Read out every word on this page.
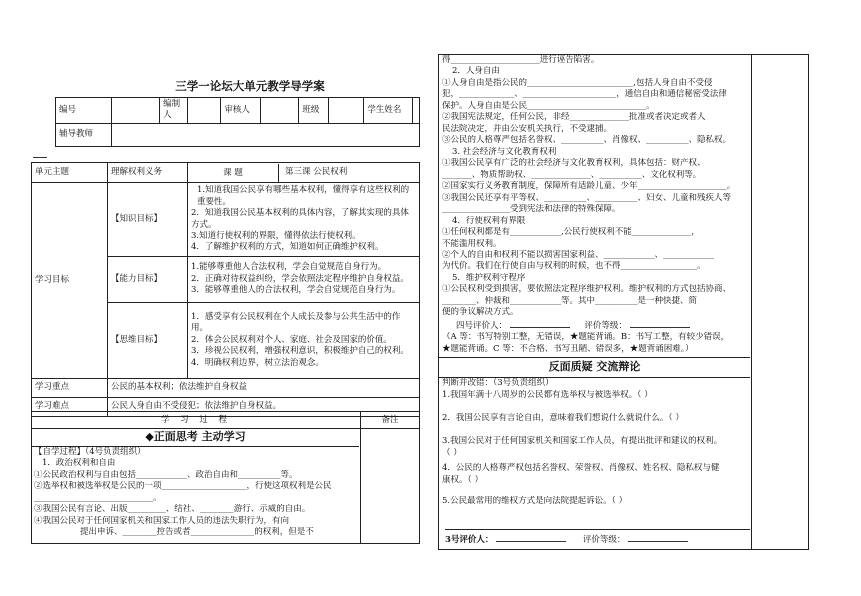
三学一论坛大单元教学导学案
编号		编制人		审核人		班级		学生姓名	
辅导教师									
单元主题	理解权利义务	课 题 第三课 公民权利

学习目标	【知识目标】	1.知道我国公民享有哪些基本权利，懂得享有这些权利的重要性。
2．知道我国公民基本权利的具体内容，了解其实现的具体方式。
3.知道行使权利的界限，懂得依法行使权利。
4．了解维护权利的方式，知道如何正确维护权利。

	【能力目标】	1.能够尊重他人合法权利，学会自觉规范自身行为。
2．正确对待权益纠纷，学会依照法定程序维护自身权益。
3．能够尊重他人的合法权利，学会自觉规范自身行为。

	【思维目标】	1．感受享有公民权利在个人成长及参与公共生活中的作用。
2．体会公民权利对个人、家庭、社会及国家的价值。
3．珍视公民权利，增强权利意识，积极维护自己的权利。
4．明确权利边界，树立法治观念。

学习重点	公民的基本权利；依法维护自身权益	
学习难点	公民人身自由不受侵犯；依法维护自身权益。	
学 习 过 程	备注
◆正面思考 主动学习
【自学过程】（4号负责组织）
1．政治权利和自由
①公民政治权利与自由包括____________、政治自由和__________等。
②选举权和被选举权是公民的一项____________________，行使这项权利是公民
____________________________。
③我国公民有言论、出版_________、结社、________游行、示威的自由。
④我国公民对于任何国家机关和国家工作人员的违法失职行为，有向
提出申诉、________控告或者_______________的权利，但是不
得_____________________进行诬告陷害。
2．人身自由
①人身自由是指公民的_________________________,包括人身自由不受侵
犯，_____________、______________________，通信自由和通信秘密受法律
保护。人身自由是公民____________________________。
②我国宪法规定，任何公民，非经______________批准或者决定或者人
民法院决定，并由公安机关执行，不受逮捕。
③公民的人格尊严包括名誉权、__________、肖像权、__________、隐私权。
3. 社会经济与文化教育权利
①我国公民享有广泛的社会经济与文化教育权利，具体包括：财产权、
_______、物质帮助权、______________、__________、文化权利等。
②国家实行义务教育制度，保障所有适龄儿童、少年_____________________。
③我国公民还享有平等权、__________、__________、妇女、儿童和残疾人等
________________受到宪法和法律的特殊保障。
4．行使权利有界限
①任何权利都是有____________,公民行使权利不能______________，
不能滥用权利。
②个人的自由和权利不能以损害国家利益、____________、____________
为代价。我们在行使自由与权利的时候，也不得__________________。
5．维护权利守程序
①公民权利受到损害，要依照法定程序维护权利。维护权利的方式包括协商、
________、仲裁和____________等。其中__________是一种快捷、简
便的争议解决方式。
四号评价人：	评价等级：
（A 等：书写特别工整，无错误，★题能背诵。B：书写工整，有较少错误，
★题能背诵。C 等：不合格、书写丑陋、错误多，★题背诵困难。）
反面质疑 交流辩论
判断并改错：（3号负责组织）
1.我国年满十八周岁的公民都有选举权与被选举权。（ ）
2．我国公民享有言论自由，意味着我们想说什么就说什么。（ ）
3.我国公民对于任何国家机关和国家工作人员，有提出批评和建议的权利。
（ ）
4．公民的人格尊严权包括名誉权、荣誉权、肖像权、姓名权、隐私权与健
康权。（ ）
5.公民最常用的维权方式是向法院提起诉讼。（ ）
3号评价人：	评价等级：
